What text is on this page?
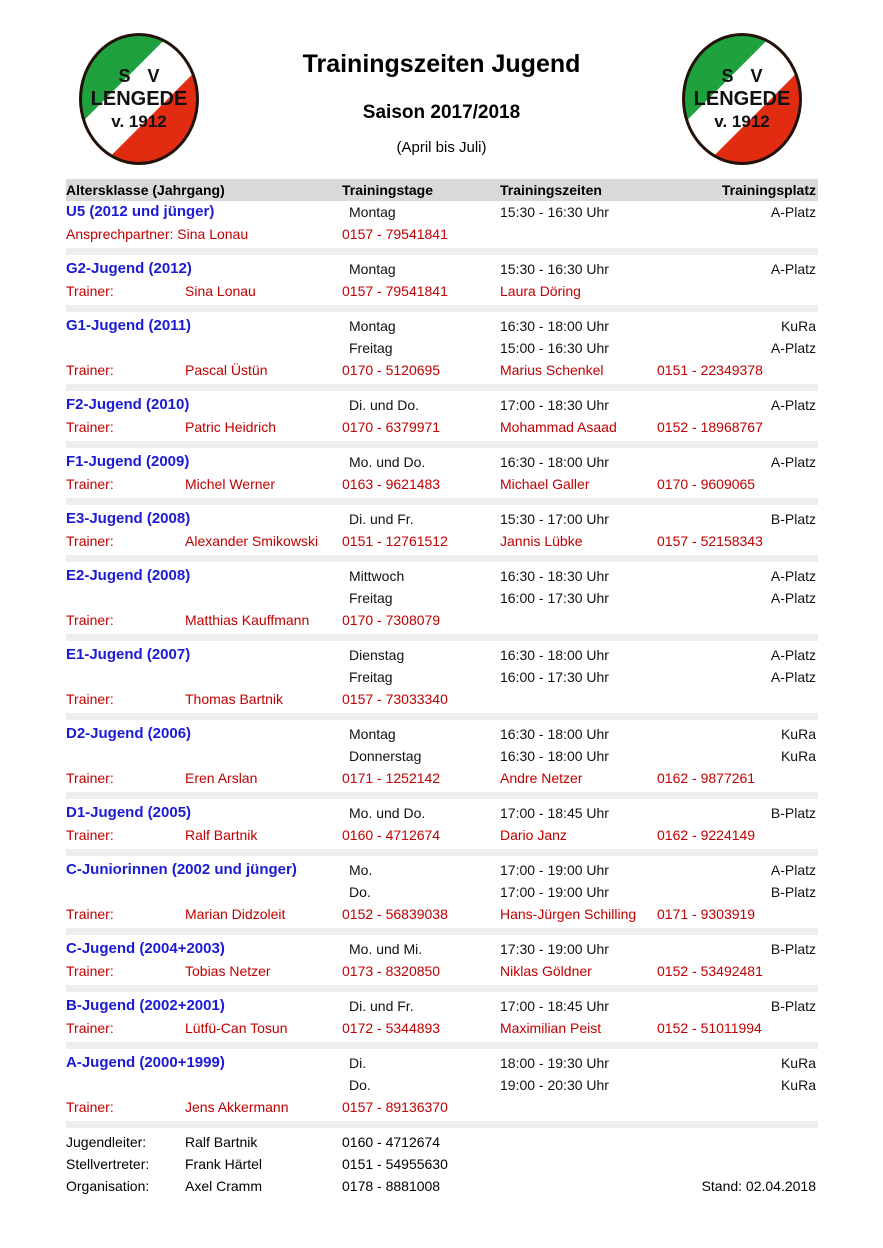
S V
LENGEDE
v. 1912
S V
LENGEDE
v. 1912
Trainingszeiten Jugend
Saison 2017/2018
(April bis Juli)
Altersklasse (Jahrgang)	Trainingstage	Trainingszeiten	Trainingsplatz
U5 (2012 und jünger)	Montag	15:30 - 16:30 Uhr	A-Platz
Ansprechpartner: Sina Lonau	0157 - 79541841
G2-Jugend (2012)	Montag	15:30 - 16:30 Uhr	A-Platz
Trainer:	Sina Lonau	0157 - 79541841	Laura Döring
G1-Jugend (2011)	Montag	16:30 - 18:00 Uhr	KuRa
Freitag	15:00 - 16:30 Uhr	A-Platz
Trainer:	Pascal Üstün	0170 - 5120695	Marius Schenkel	0151 - 22349378
F2-Jugend (2010)	Di. und Do.	17:00 - 18:30 Uhr	A-Platz
Trainer:	Patric Heidrich	0170 - 6379971	Mohammad Asaad	0152 - 18968767
F1-Jugend (2009)	Mo. und Do.	16:30 - 18:00 Uhr	A-Platz
Trainer:	Michel Werner	0163 - 9621483	Michael Galler	0170 - 9609065
E3-Jugend (2008)	Di. und Fr.	15:30 - 17:00 Uhr	B-Platz
Trainer:	Alexander Smikowski	0151 - 12761512	Jannis Lübke	0157 - 52158343
E2-Jugend (2008)	Mittwoch	16:30 - 18:30 Uhr	A-Platz
Freitag	16:00 - 17:30 Uhr	A-Platz
Trainer:	Matthias Kauffmann	0170 - 7308079
E1-Jugend (2007)	Dienstag	16:30 - 18:00 Uhr	A-Platz
Freitag	16:00 - 17:30 Uhr	A-Platz
Trainer:	Thomas Bartnik	0157 - 73033340
D2-Jugend (2006)	Montag	16:30 - 18:00 Uhr	KuRa
Donnerstag	16:30 - 18:00 Uhr	KuRa
Trainer:	Eren Arslan	0171 - 1252142	Andre Netzer	0162 - 9877261
D1-Jugend (2005)	Mo. und Do.	17:00 - 18:45 Uhr	B-Platz
Trainer:	Ralf Bartnik	0160 - 4712674	Dario Janz	0162 - 9224149
C-Juniorinnen (2002 und jünger)	Mo.	17:00 - 19:00 Uhr	A-Platz
Do.	17:00 - 19:00 Uhr	B-Platz
Trainer:	Marian Didzoleit	0152 - 56839038	Hans-Jürgen Schilling	0171 - 9303919
C-Jugend (2004+2003)	Mo. und Mi.	17:30 - 19:00 Uhr	B-Platz
Trainer:	Tobias Netzer	0173 - 8320850	Niklas Göldner	0152 - 53492481
B-Jugend (2002+2001)	Di. und Fr.	17:00 - 18:45 Uhr	B-Platz
Trainer:	Lütfü-Can Tosun	0172 - 5344893	Maximilian Peist	0152 - 51011994
A-Jugend (2000+1999)	Di.	18:00 - 19:30 Uhr	KuRa
Do.	19:00 - 20:30 Uhr	KuRa
Trainer:	Jens Akkermann	0157 - 89136370
Jugendleiter:	Ralf Bartnik	0160 - 4712674
Stellvertreter:	Frank Härtel	0151 - 54955630
Organisation:	Axel Cramm	0178 - 8881008	Stand: 02.04.2018
